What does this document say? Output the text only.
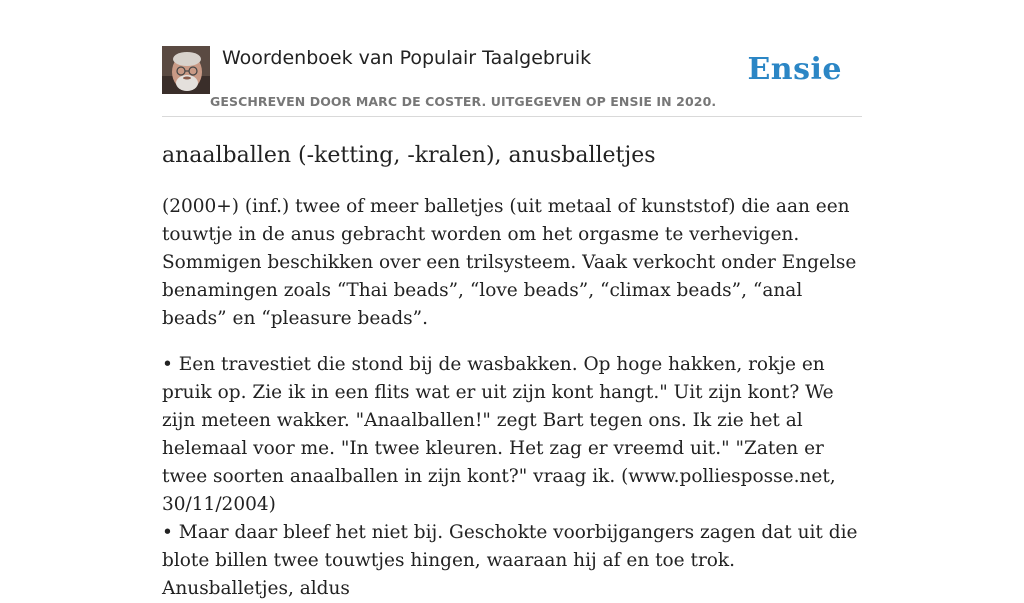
Woordenboek van Populair Taalgebruik
GESCHREVEN DOOR MARC DE COSTER. UITGEGEVEN OP ENSIE IN 2020.
Ensie
anaalballen (-ketting, -kralen), anusballetjes

(2000+) (inf.) twee of meer balletjes (uit metaal of kunststof) die aan een touwtje in de anus gebracht worden om het orgasme te verhevigen. Sommigen beschikken over een trilsysteem. Vaak verkocht onder Engelse benamingen zoals “Thai beads”, “love beads”, “climax beads”, “anal beads” en “pleasure beads”.

• Een travestiet die stond bij de wasbakken. Op hoge hakken, rokje en pruik op. Zie ik in een flits wat er uit zijn kont hangt." Uit zijn kont? We zijn meteen wakker. "Anaalballen!" zegt Bart tegen ons. Ik zie het al helemaal voor me. "In twee kleuren. Het zag er vreemd uit." "Zaten er twee soorten anaalballen in zijn kont?" vraag ik. (www.polliesposse.net, 30/11/2004)

• Maar daar bleef het niet bij. Geschokte voorbijgangers zagen dat uit die blote billen twee touwtjes hingen, waaraan hij af en toe trok. Anusballetjes, aldus
